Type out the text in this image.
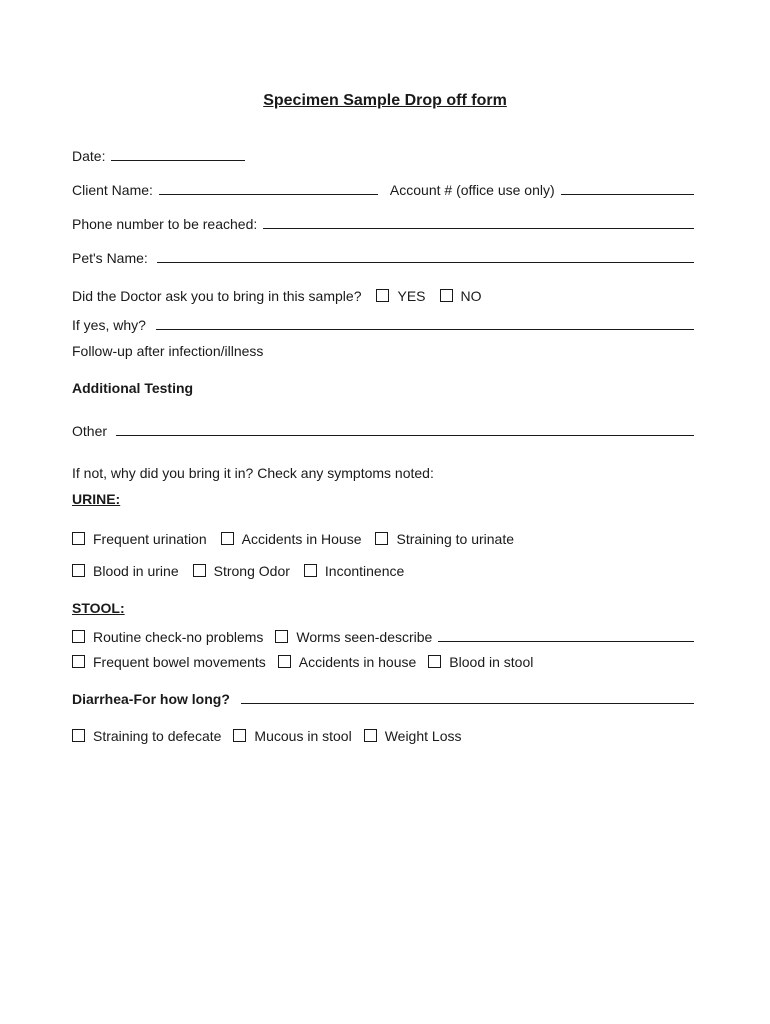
Specimen Sample Drop off form
Date:
Client Name:	Account # (office use only)
Phone number to be reached:
Pet's Name:
Did the Doctor ask you to bring in this sample?	YES	NO
If yes, why?
Follow-up after infection/illness
Additional Testing
Other
If not, why did you bring it in? Check any symptoms noted:
URINE:
Frequent urination	Accidents in House	Straining to urinate
Blood in urine	Strong Odor	Incontinence
STOOL:
Routine check-no problems Worms seen-describe
Frequent bowel movements Accidents in house Blood in stool
Diarrhea-For how long?
Straining to defecate Mucous in stool Weight Loss
